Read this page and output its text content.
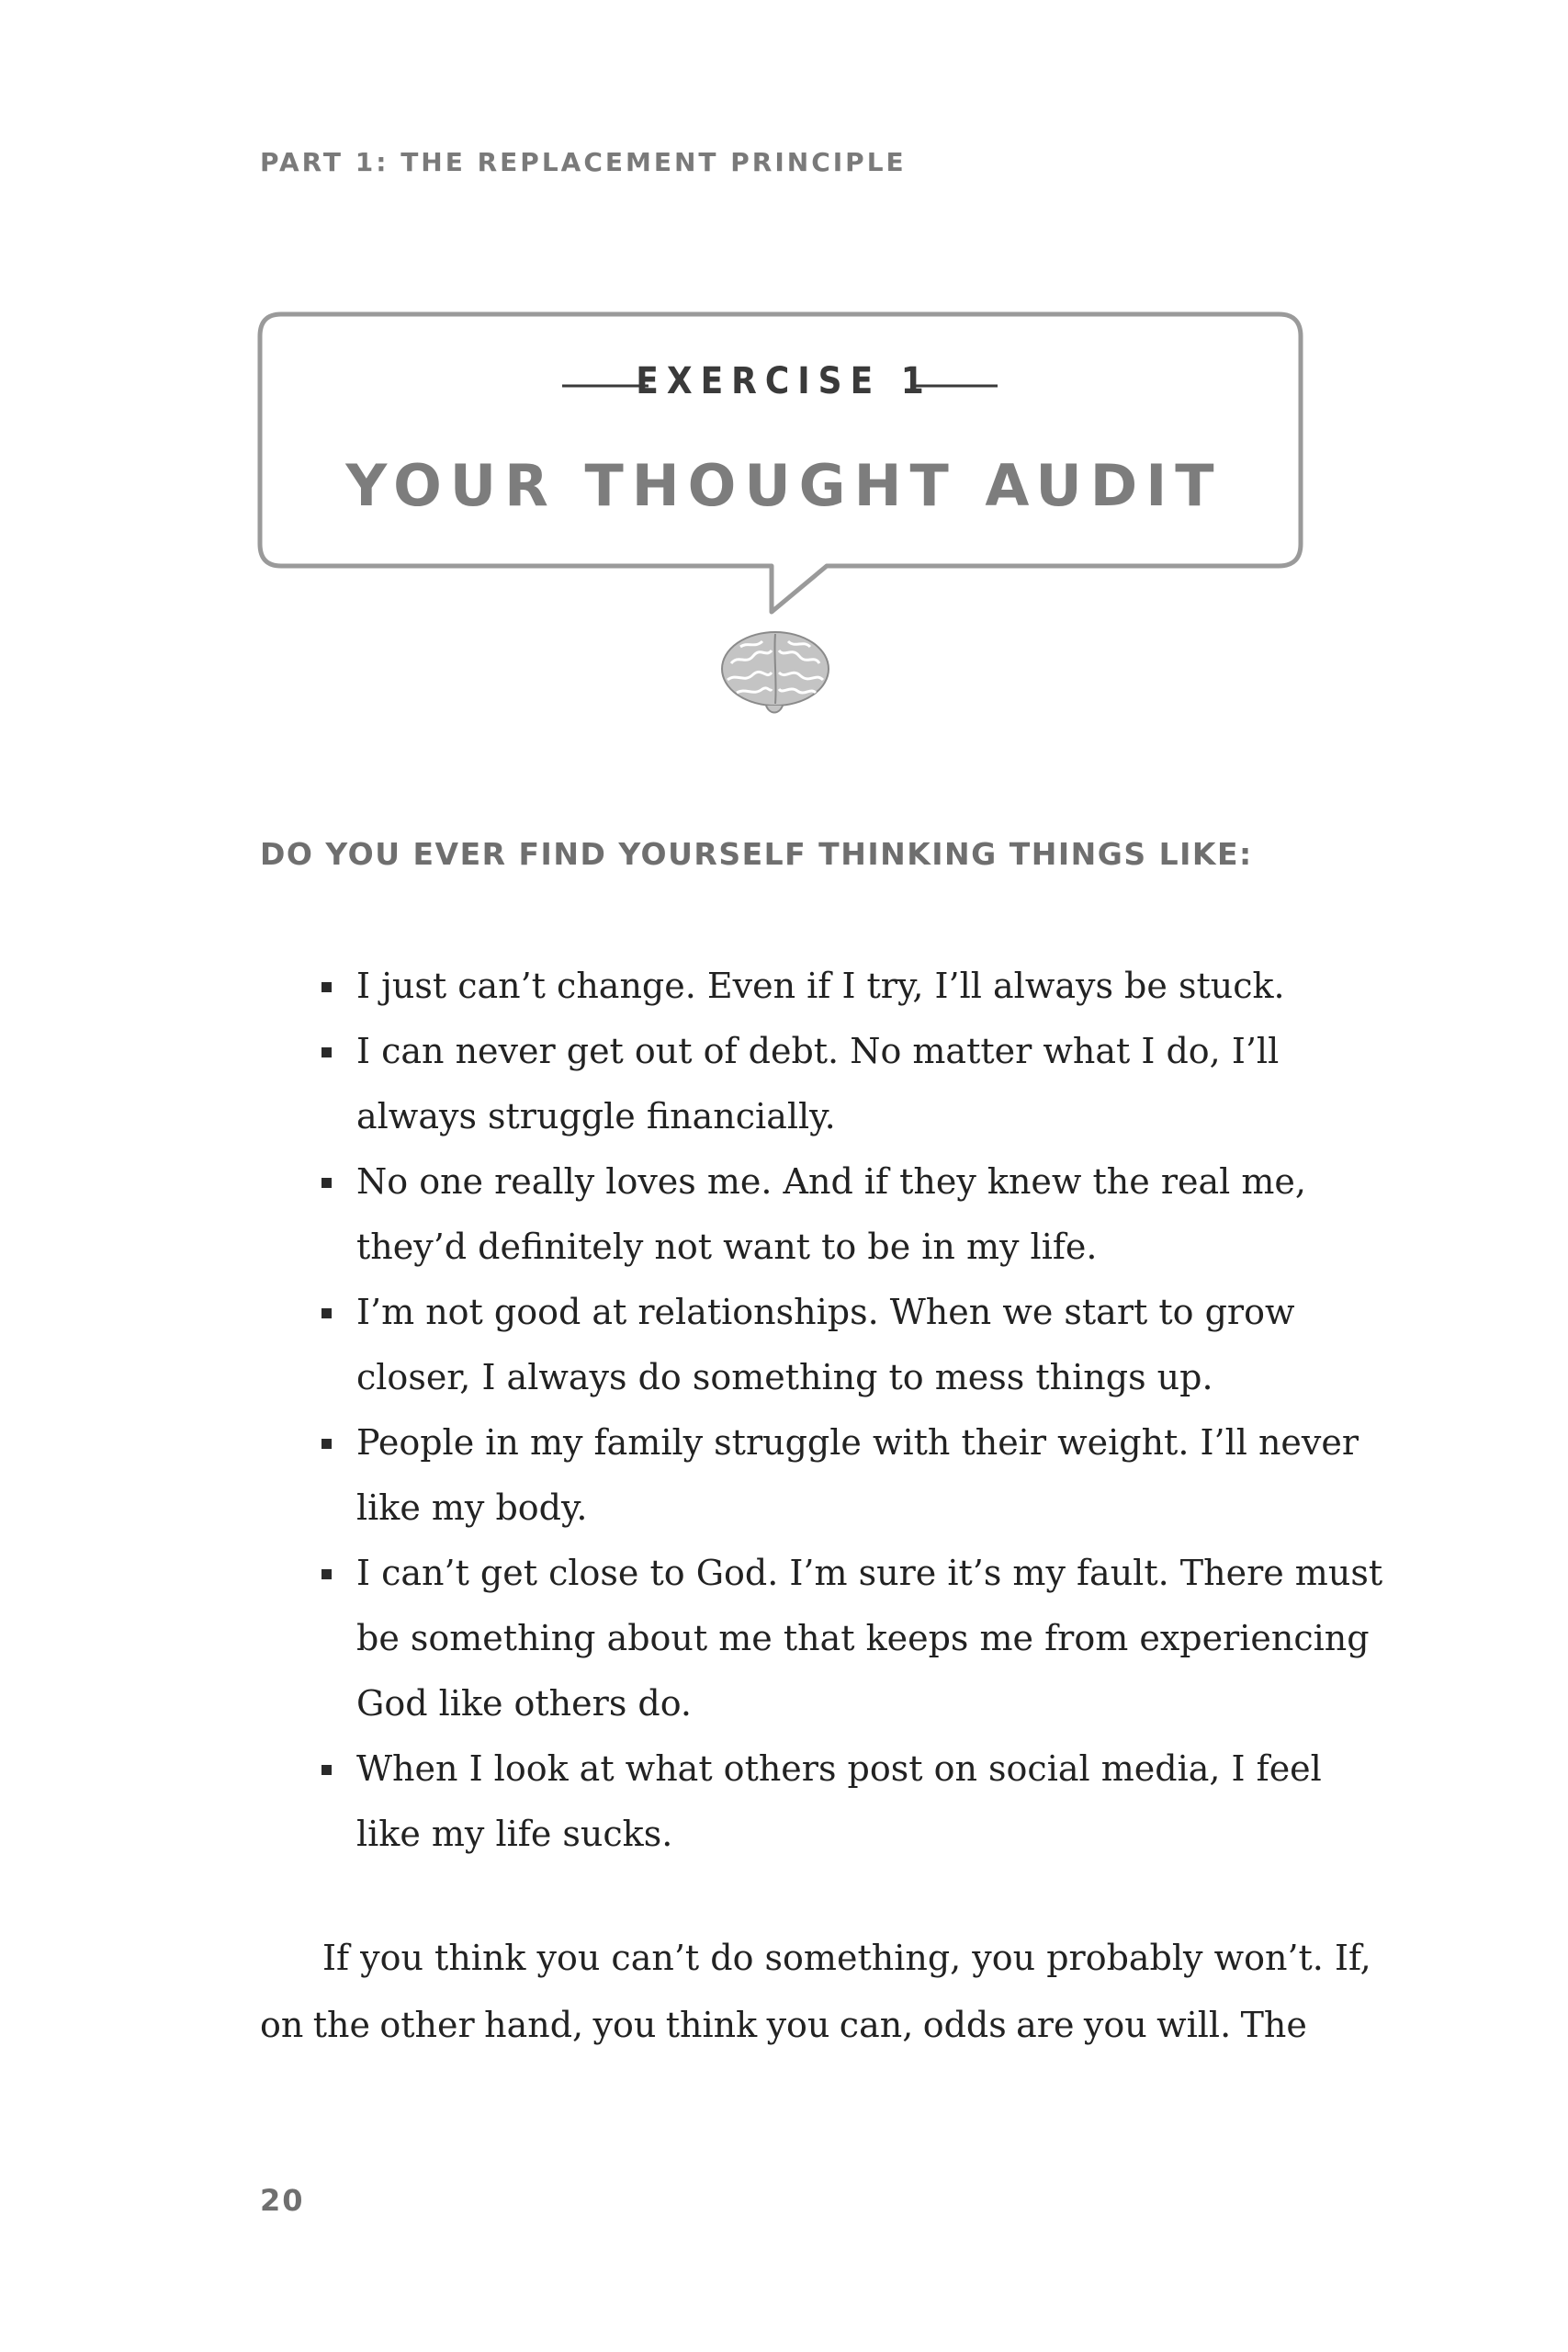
PART 1: THE REPLACEMENT PRINCIPLE
EXERCISE 1
YOUR THOUGHT AUDIT
DO YOU EVER FIND YOURSELF THINKING THINGS LIKE:
I just can’t change. Even if I try, I’ll always be stuck.
I can never get out of debt. No matter what I do, I’ll
always struggle financially.
No one really loves me. And if they knew the real me,
they’d definitely not want to be in my life.
I’m not good at relationships. When we start to grow
closer, I always do something to mess things up.
People in my family struggle with their weight. I’ll never
like my body.
I can’t get close to God. I’m sure it’s my fault. There must
be something about me that keeps me from experiencing
God like others do.
When I look at what others post on social media, I feel
like my life sucks.
If you think you can’t do something, you probably won’t. If,
on the other hand, you think you can, odds are you will. The
20
